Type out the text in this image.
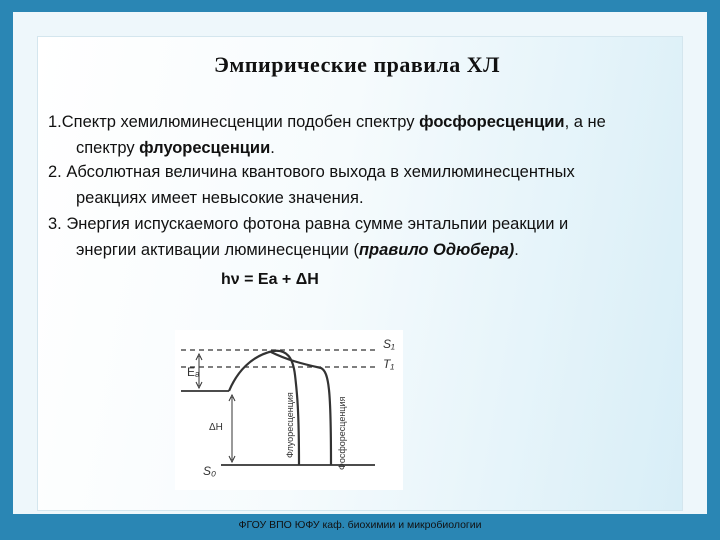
Эмпирические правила ХЛ
1.Спектр хемилюминесценции подобен спектру фосфоресценции, а не
спектру флуоресценции.
2. Абсолютная величина квантового выхода в хемилюминесцентных
реакциях имеет невысокие значения.
3. Энергия испускаемого фотона равна сумме энтальпии реакции и
энергии активации люминесценции (правило Одюбера).
hν = Ea + ΔH
S₁
T₁
S₀
Eₐ
ΔH	Флуоресценция	Фосфоресценция
ФГОУ ВПО ЮФУ каф. биохимии и микробиологии
